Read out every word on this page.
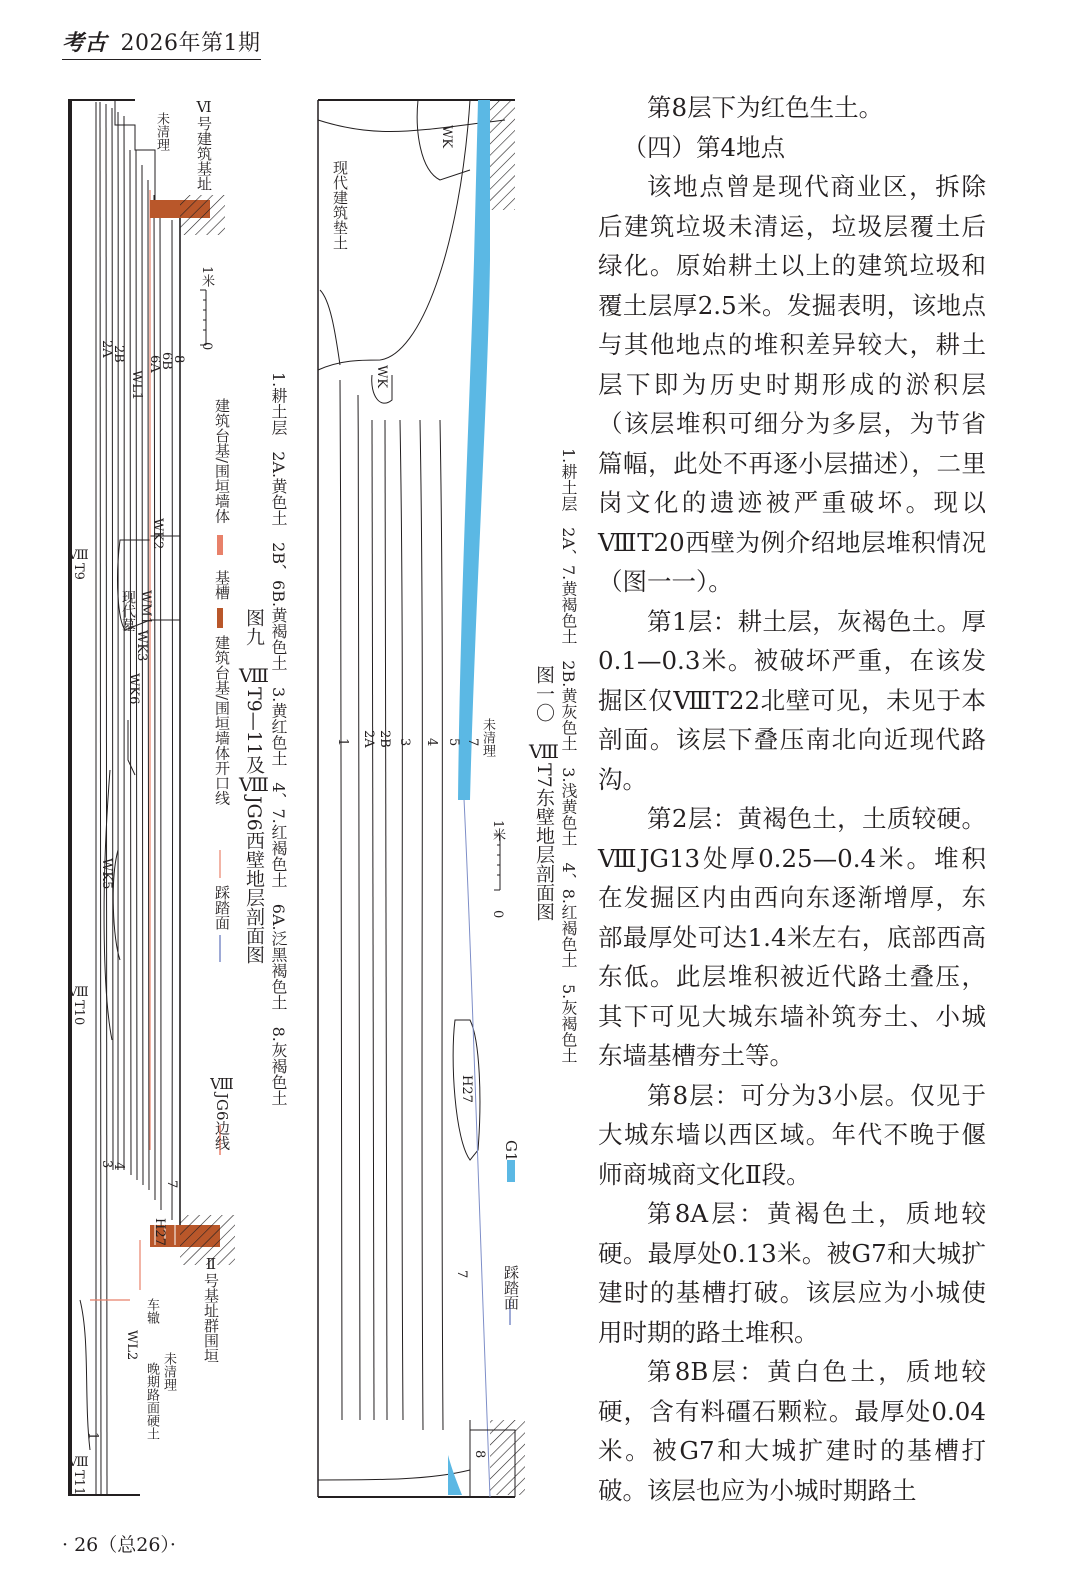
考古 2026年第1期
ⅧT9
ⅧT10
ⅧT11
Ⅵ号建筑基址
未清理
1米
0
WL1
WK2
现代墓 WM1
WK3
WK6
WK5
H27
车辙
WL2
晚期路面硬土 未清理
Ⅱ号基址群围垣
2A
2B
6A
6B
8
1
3
4
7
图九　ⅧT9—11及ⅧJG6西壁地层剖面图 1.耕土层　2A.黄色土　2B、6B.黄褐色土　3.黄红色土　4、7.红褐色土　6A.泛黑褐色土　8.灰褐色土
ⅧJG6边线
踩踏面
建筑台基/围垣墙体开口线
基槽
建筑台基/围垣墙体
WK
现代建筑垫土
WK
H27
未清理
1米
0
1 2A 2B 3 4 5 7
7
8
图一〇　ⅧT7东壁地层剖面图 1.耕土层　2A、7.黄褐色土　2B.黄灰色土　3.浅黄色土　4、8.红褐色土　5.灰褐色土
G1
踩踏面

第8层下为红色生土。

（四）第4地点

该地点曾是现代商业区，拆除后建筑垃圾未清运，垃圾层覆土后绿化。原始耕土以上的建筑垃圾和覆土层厚2.5米。发掘表明，该地点与其他地点的堆积差异较大，耕土层下即为历史时期形成的淤积层（该层堆积可细分为多层，为节省篇幅，此处不再逐小层描述），二里岗文化的遗迹被严重破坏。现以ⅧT20西壁为例介绍地层堆积情况（图一一）。

第1层：耕土层，灰褐色土。厚0.1—0.3米。被破坏严重，在该发掘区仅ⅧT22北壁可见，未见于本剖面。该层下叠压南北向近现代路沟。

第2层：黄褐色土，土质较硬。ⅧJG13处厚0.25—0.4米。堆积在发掘区内由西向东逐渐增厚，东部最厚处可达1.4米左右，底部西高东低。此层堆积被近代路土叠压，其下可见大城东墙补筑夯土、小城东墙基槽夯土等。

第8层：可分为3小层。仅见于大城东墙以西区域。年代不晚于偃师商城商文化Ⅱ段。

第8A层：黄褐色土，质地较硬。最厚处0.13米。被G7和大城扩建时的基槽打破。该层应为小城使用时期的路土堆积。

第8B层：黄白色土，质地较硬，含有料礓石颗粒。最厚处0.04米。被G7和大城扩建时的基槽打破。该层也应为小城时期路土

· 26（总26）·
